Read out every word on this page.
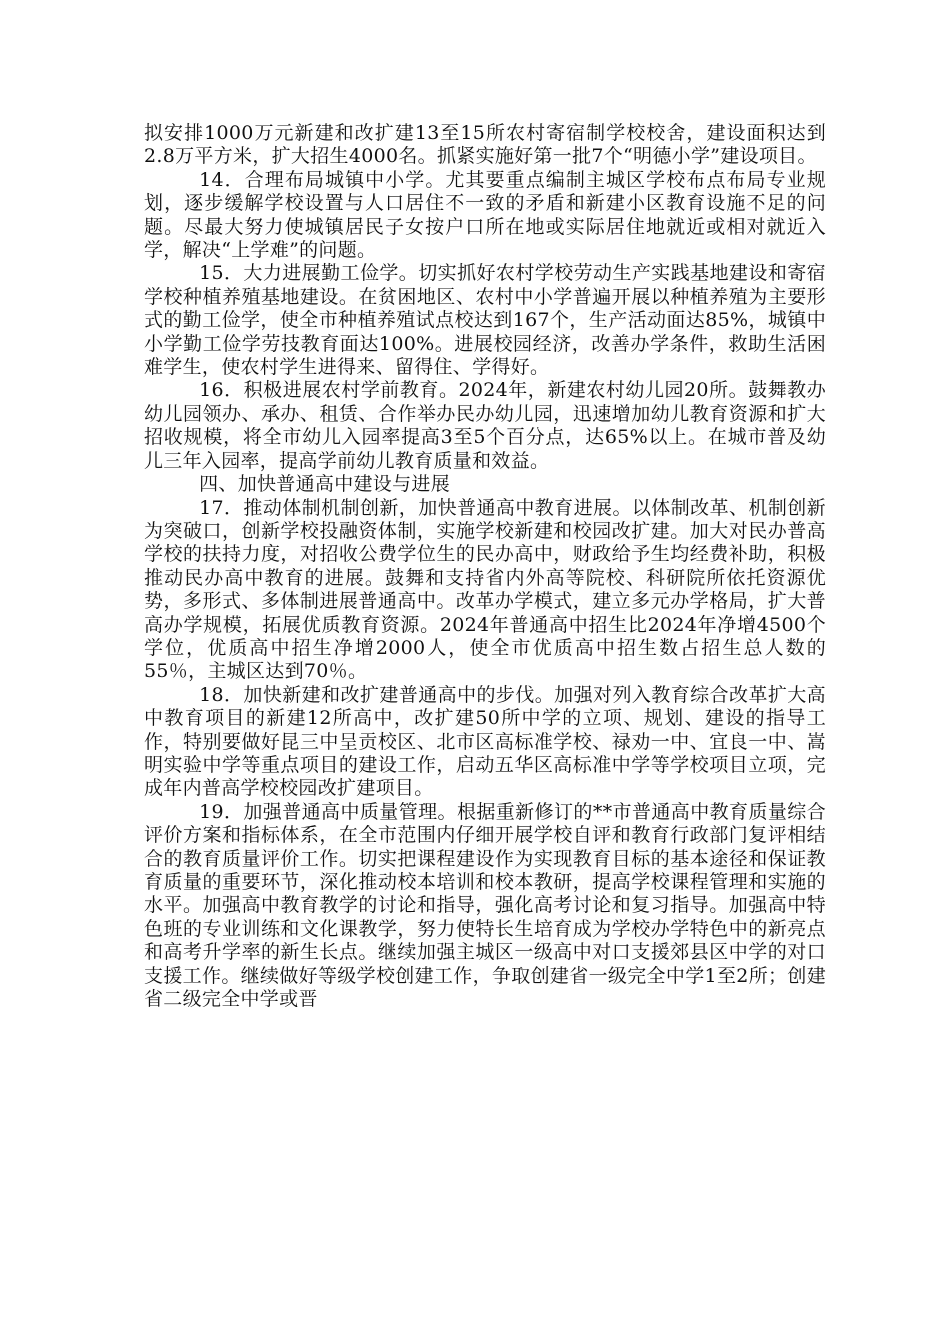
拟安排1000万元新建和改扩建13至15所农村寄宿制学校校舍，建设面积达到2.8万平方米，扩大招生4000名。抓紧实施好第一批7个“明德小学”建设项目。

14．合理布局城镇中小学。尤其要重点编制主城区学校布点布局专业规划，逐步缓解学校设置与人口居住不一致的矛盾和新建小区教育设施不足的问题。尽最大努力使城镇居民子女按户口所在地或实际居住地就近或相对就近入学，解决“上学难”的问题。

15．大力进展勤工俭学。切实抓好农村学校劳动生产实践基地建设和寄宿学校种植养殖基地建设。在贫困地区、农村中小学普遍开展以种植养殖为主要形式的勤工俭学，使全市种植养殖试点校达到167个，生产活动面达85%，城镇中小学勤工俭学劳技教育面达100%。进展校园经济，改善办学条件，救助生活困难学生，使农村学生进得来、留得住、学得好。

16．积极进展农村学前教育。2024年，新建农村幼儿园20所。鼓舞教办幼儿园领办、承办、租赁、合作举办民办幼儿园，迅速增加幼儿教育资源和扩大招收规模，将全市幼儿入园率提高3至5个百分点，达65%以上。在城市普及幼儿三年入园率，提高学前幼儿教育质量和效益。

四、加快普通高中建设与进展

17．推动体制机制创新，加快普通高中教育进展。以体制改革、机制创新为突破口，创新学校投融资体制，实施学校新建和校园改扩建。加大对民办普高学校的扶持力度，对招收公费学位生的民办高中，财政给予生均经费补助，积极推动民办高中教育的进展。鼓舞和支持省内外高等院校、科研院所依托资源优势，多形式、多体制进展普通高中。改革办学模式，建立多元办学格局，扩大普高办学规模，拓展优质教育资源。2024年普通高中招生比2024年净增4500个学位，优质高中招生净增2000人，使全市优质高中招生数占招生总人数的55％，主城区达到70％。

18．加快新建和改扩建普通高中的步伐。加强对列入教育综合改革扩大高中教育项目的新建12所高中，改扩建50所中学的立项、规划、建设的指导工作，特别要做好昆三中呈贡校区、北市区高标准学校、禄劝一中、宜良一中、嵩明实验中学等重点项目的建设工作，启动五华区高标准中学等学校项目立项，完成年内普高学校校园改扩建项目。

19．加强普通高中质量管理。根据重新修订的**市普通高中教育质量综合评价方案和指标体系，在全市范围内仔细开展学校自评和教育行政部门复评相结合的教育质量评价工作。切实把课程建设作为实现教育目标的基本途径和保证教育质量的重要环节，深化推动校本培训和校本教研，提高学校课程管理和实施的水平。加强高中教育教学的讨论和指导，强化高考讨论和复习指导。加强高中特色班的专业训练和文化课教学，努力使特长生培育成为学校办学特色中的新亮点和高考升学率的新生长点。继续加强主城区一级高中对口支援郊县区中学的对口支援工作。继续做好等级学校创建工作，争取创建省一级完全中学1至2所；创建省二级完全中学或晋
